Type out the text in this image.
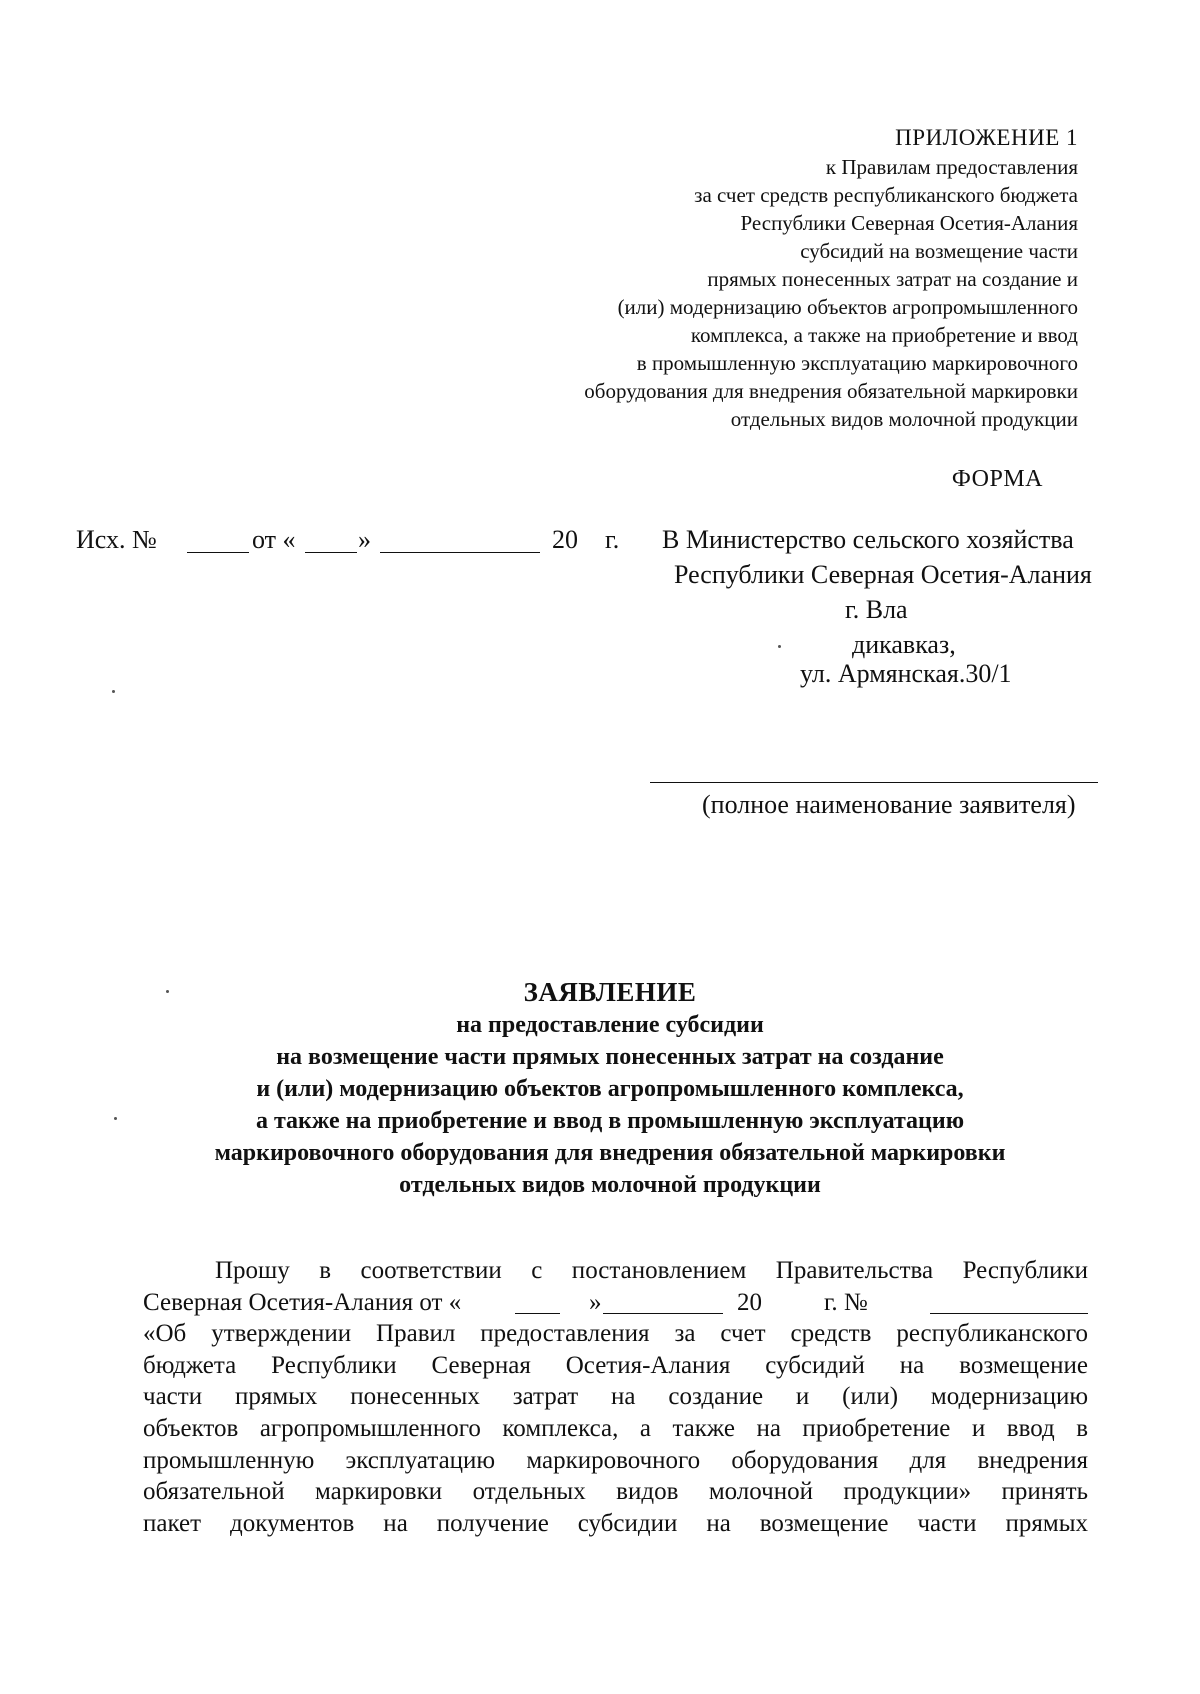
ПРИЛОЖЕНИЕ 1
к Правилам предоставления
за счет средств республиканского бюджета
Республики Северная Осетия-Алания
субсидий на возмещение части
прямых понесенных затрат на создание и
(или) модернизацию объектов агропромышленного
комплекса, а также на приобретение и ввод
в промышленную эксплуатацию маркировочного
оборудования для внедрения обязательной маркировки
отдельных видов молочной продукции
ФОРМА
Исх. №	от « »	20 г. В Министерство сельского хозяйства
Республики Северная Осетия-Алания
г. Вла
дикавказ,
ул. Армянская.30/1
(полное наименование заявителя)
ЗАЯВЛЕНИЕ
на предоставление субсидии
на возмещение части прямых понесенных затрат на создание
и (или) модернизацию объектов агропромышленного комплекса,
а также на приобретение и ввод в промышленную эксплуатацию
маркировочного оборудования для внедрения обязательной маркировки
отдельных видов молочной продукции
Прошу в соответствии с постановлением Правительства Республики
Северная Осетия-Алания от «	»	20 г. №
«Об утверждении Правил предоставления за счет средств республиканского
бюджета Республики Северная Осетия-Алания субсидий на возмещение
части прямых понесенных затрат на создание и (или) модернизацию
объектов агропромышленного комплекса, а также на приобретение и ввод в
промышленную эксплуатацию маркировочного оборудования для внедрения
обязательной маркировки отдельных видов молочной продукции» принять
пакет документов на получение субсидии на возмещение части прямых
